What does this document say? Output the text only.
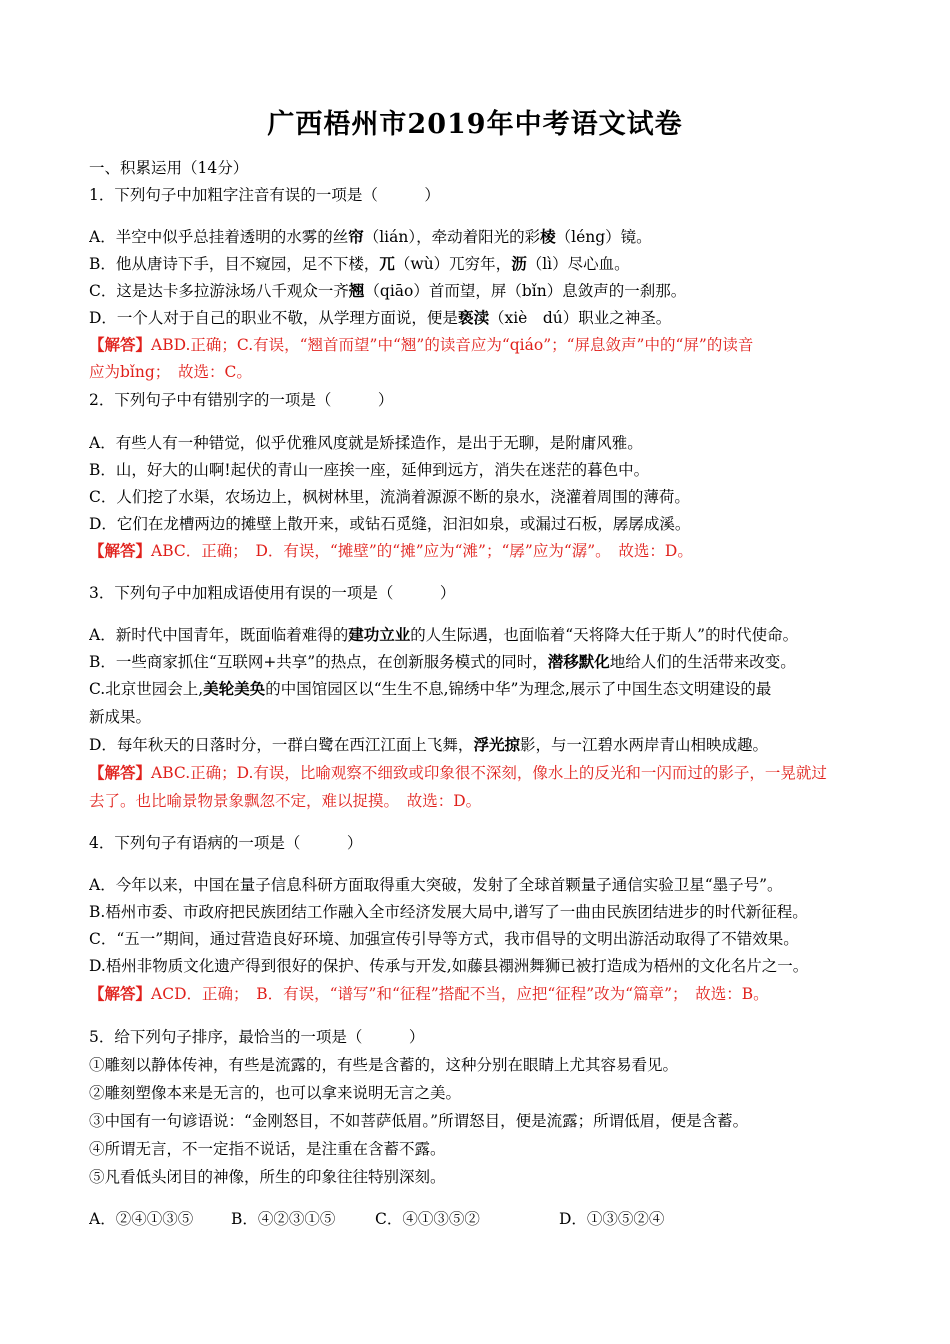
广西梧州市2019年中考语文试卷
一、积累运用（14分）
1．下列句子中加粗字注音有误的一项是（　　　）
A．半空中似乎总挂着透明的水雾的丝帘（lián），牵动着阳光的彩棱（léng）镜。
B．他从唐诗下手，目不窥园，足不下楼，兀（wù）兀穷年，沥（lì）尽心血。
C．这是达卡多拉游泳场八千观众一齐翘（qiāo）首而望，屏（bǐn）息敛声的一刹那。
D．一个人对于自己的职业不敬，从学理方面说，便是亵渎（xiè　dú）职业之神圣。
【解答】ABD.正确；C.有误，“翘首而望”中“翘”的读音应为“qiáo”；“屏息敛声”中的“屏”的读音
应为bǐng；　故选：C。
2．下列句子中有错别字的一项是（　　　）
A．有些人有一种错觉，似乎优雅风度就是矫揉造作，是出于无聊，是附庸风雅。
B．山，好大的山啊!起伏的青山一座挨一座，延伸到远方，消失在迷茫的暮色中。
C．人们挖了水渠，农场边上，枫树林里，流淌着源源不断的泉水，浇灌着周围的薄荷。
D．它们在龙槽两边的摊壁上散开来，或钻石觅缝，汩汩如泉，或漏过石板，孱孱成溪。
【解答】ABC．正确；　D．有误，“摊壁”的“摊”应为“滩”；“孱”应为“潺”。　故选：D。
3．下列句子中加粗成语使用有误的一项是（　　　）
A．新时代中国青年，既面临着难得的建功立业的人生际遇，也面临着“天将降大任于斯人”的时代使命。
B．一些商家抓住“互联网+共享”的热点，在创新服务模式的同时，潜移默化地给人们的生活带来改变。
C.北京世园会上,美轮美奂的中国馆园区以“生生不息,锦绣中华”为理念,展示了中国生态文明建设的最
新成果。
D．每年秋天的日落时分，一群白鹭在西江江面上飞舞，浮光掠影，与一江碧水两岸青山相映成趣。
【解答】ABC.正确；D.有误，比喻观察不细致或印象很不深刻，像水上的反光和一闪而过的影子，一晃就过
去了。也比喻景物景象飘忽不定，难以捉摸。　故选：D。
4．下列句子有语病的一项是（　　　）
A．今年以来，中国在量子信息科研方面取得重大突破，发射了全球首颗量子通信实验卫星“墨子号”。
B.梧州市委、市政府把民族团结工作融入全市经济发展大局中,谱写了一曲由民族团结进步的时代新征程。
C．“五一”期间，通过营造良好环境、加强宣传引导等方式，我市倡导的文明出游活动取得了不错效果。
D.梧州非物质文化遗产得到很好的保护、传承与开发,如藤县禤洲舞狮已被打造成为梧州的文化名片之一。
【解答】ACD．正确；　B．有误，“谱写”和“征程”搭配不当，应把“征程”改为“篇章”；　故选：B。
5．给下列句子排序，最恰当的一项是（　　　）
①雕刻以静体传神，有些是流露的，有些是含蓄的，这种分别在眼睛上尤其容易看见。
②雕刻塑像本来是无言的，也可以拿来说明无言之美。
③中国有一句谚语说：“金刚怒目，不如菩萨低眉。”所谓怒目，便是流露；所谓低眉，便是含蓄。
④所谓无言，不一定指不说话，是注重在含蓄不露。
⑤凡看低头闭目的神像，所生的印象往往特别深刻。
A．②④①③⑤ B．④②③①⑤	C．④①③⑤②	D．①③⑤②④
